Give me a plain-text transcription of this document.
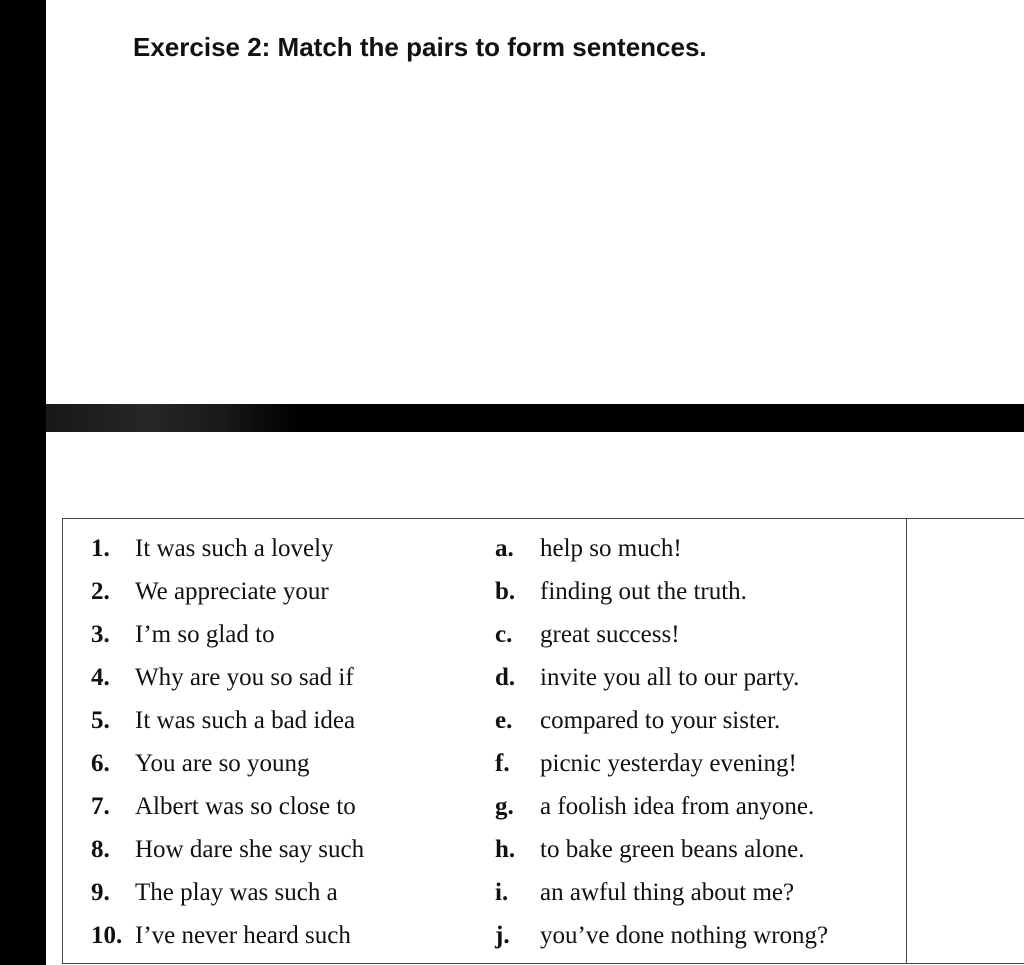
Exercise 2: Match the pairs to form sentences.
1. It was such a lovely	a. help so much!
2. We appreciate your	b. finding out the truth.
3. I’m so glad to	c. great success!
4. Why are you so sad if	d. invite you all to our party.
5. It was such a bad idea	e. compared to your sister.
6. You are so young	f. picnic yesterday evening!
7. Albert was so close to	g. a foolish idea from anyone.
8. How dare she say such	h. to bake green beans alone.
9. The play was such a	i. an awful thing about me?
10. I’ve never heard such	j. you’ve done nothing wrong?
